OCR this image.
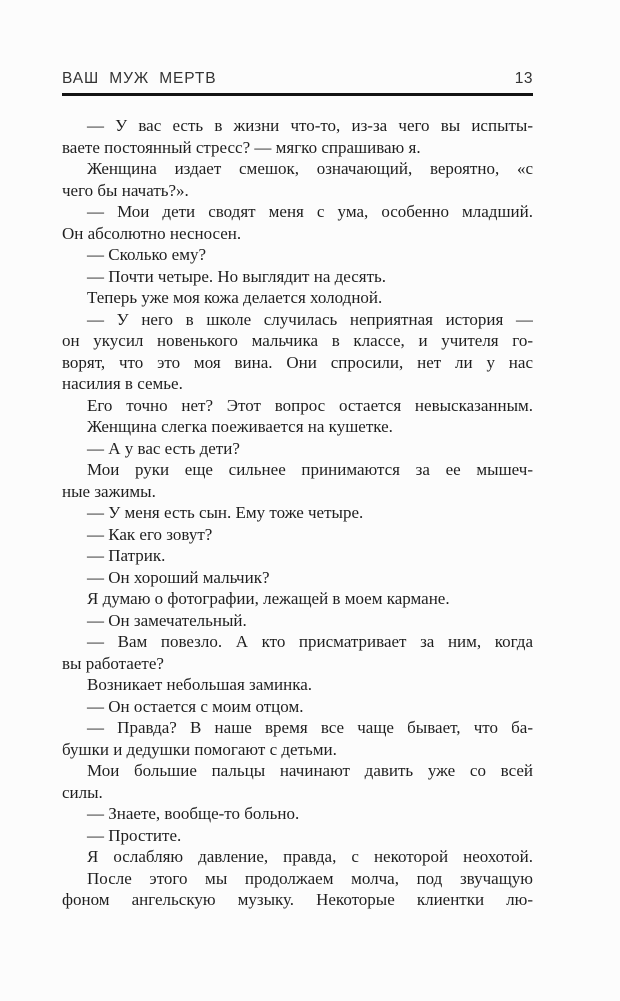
ВАШ МУЖ МЕРТВ	13
— У вас есть в жизни что-то, из-за чего вы испыты-
ваете постоянный стресс? — мягко спрашиваю я.
Женщина издает смешок, означающий, вероятно, «с
чего бы начать?».
— Мои дети сводят меня с ума, особенно младший.
Он абсолютно несносен.
— Сколько ему?
— Почти четыре. Но выглядит на десять.
Теперь уже моя кожа делается холодной.
— У него в школе случилась неприятная история —
он укусил новенького мальчика в классе, и учителя го-
ворят, что это моя вина. Они спросили, нет ли у нас
насилия в семье.
Его точно нет? Этот вопрос остается невысказанным.
Женщина слегка поеживается на кушетке.
— А у вас есть дети?
Мои руки еще сильнее принимаются за ее мышеч-
ные зажимы.
— У меня есть сын. Ему тоже четыре.
— Как его зовут?
— Патрик.
— Он хороший мальчик?
Я думаю о фотографии, лежащей в моем кармане.
— Он замечательный.
— Вам повезло. А кто присматривает за ним, когда
вы работаете?
Возникает небольшая заминка.
— Он остается с моим отцом.
— Правда? В наше время все чаще бывает, что ба-
бушки и дедушки помогают с детьми.
Мои большие пальцы начинают давить уже со всей
силы.
— Знаете, вообще-то больно.
— Простите.
Я ослабляю давление, правда, с некоторой неохотой.
После этого мы продолжаем молча, под звучащую
фоном ангельскую музыку. Некоторые клиентки лю-
